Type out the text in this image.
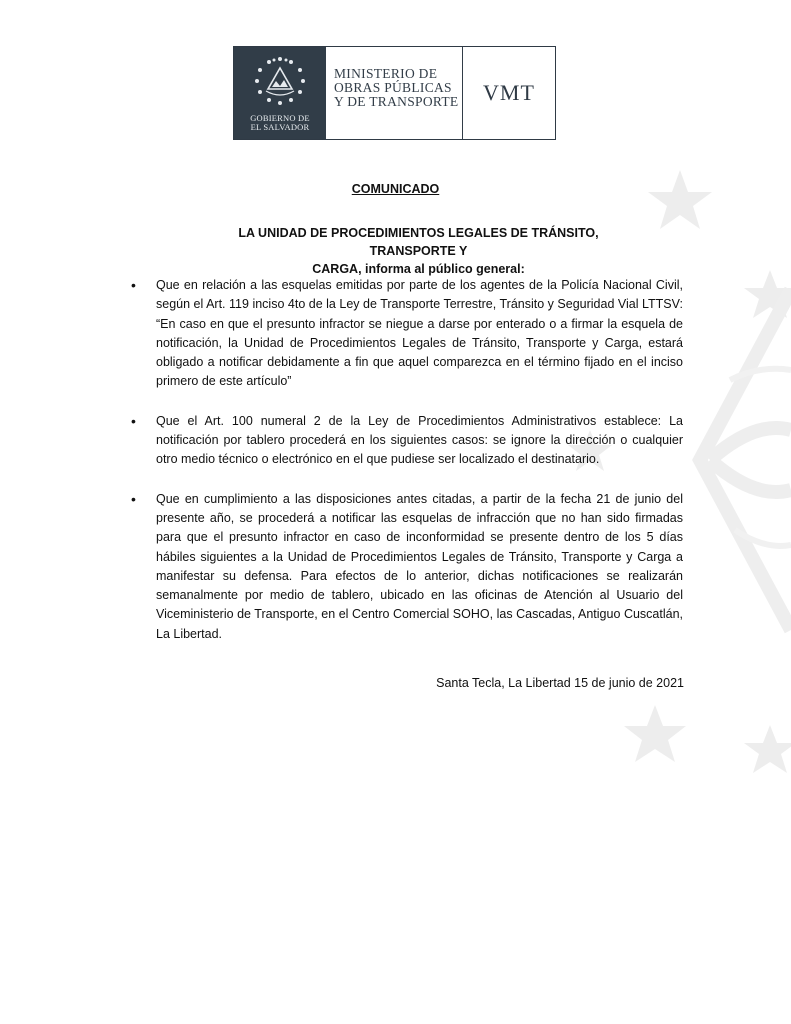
GOBIERNO DE
EL SALVADOR
MINISTERIO DE
OBRAS PÚBLICAS
Y DE TRANSPORTE	VMT
COMUNICADO
LA UNIDAD DE PROCEDIMIENTOS LEGALES DE TRÁNSITO, TRANSPORTE Y
CARGA, informa al público general:
•	Que en relación a las esquelas emitidas por parte de los agentes de la Policía Nacional Civil, según el Art. 119 inciso 4to de la Ley de Transporte Terrestre, Tránsito y Seguridad Vial LTTSV: “En caso en que el presunto infractor se niegue a darse por enterado o a firmar la esquela de notificación, la Unidad de Procedimientos Legales de Tránsito, Transporte y Carga, estará obligado a notificar debidamente a fin que aquel comparezca en el término fijado en el inciso primero de este artículo”
•	Que el Art. 100 numeral 2 de la Ley de Procedimientos Administrativos establece: La notificación por tablero procederá en los siguientes casos: se ignore la dirección o cualquier otro medio técnico o electrónico en el que pudiese ser localizado el destinatario.
•	Que en cumplimiento a las disposiciones antes citadas, a partir de la fecha 21 de junio del presente año, se procederá a notificar las esquelas de infracción que no han sido firmadas para que el presunto infractor en caso de inconformidad se presente dentro de los 5 días hábiles siguientes a la Unidad de Procedimientos Legales de Tránsito, Transporte y Carga a manifestar su defensa. Para efectos de lo anterior, dichas notificaciones se realizarán semanalmente por medio de tablero, ubicado en las oficinas de Atención al Usuario del Viceministerio de Transporte, en el Centro Comercial SOHO, las Cascadas, Antiguo Cuscatlán, La Libertad.
Santa Tecla, La Libertad 15 de junio de 2021
